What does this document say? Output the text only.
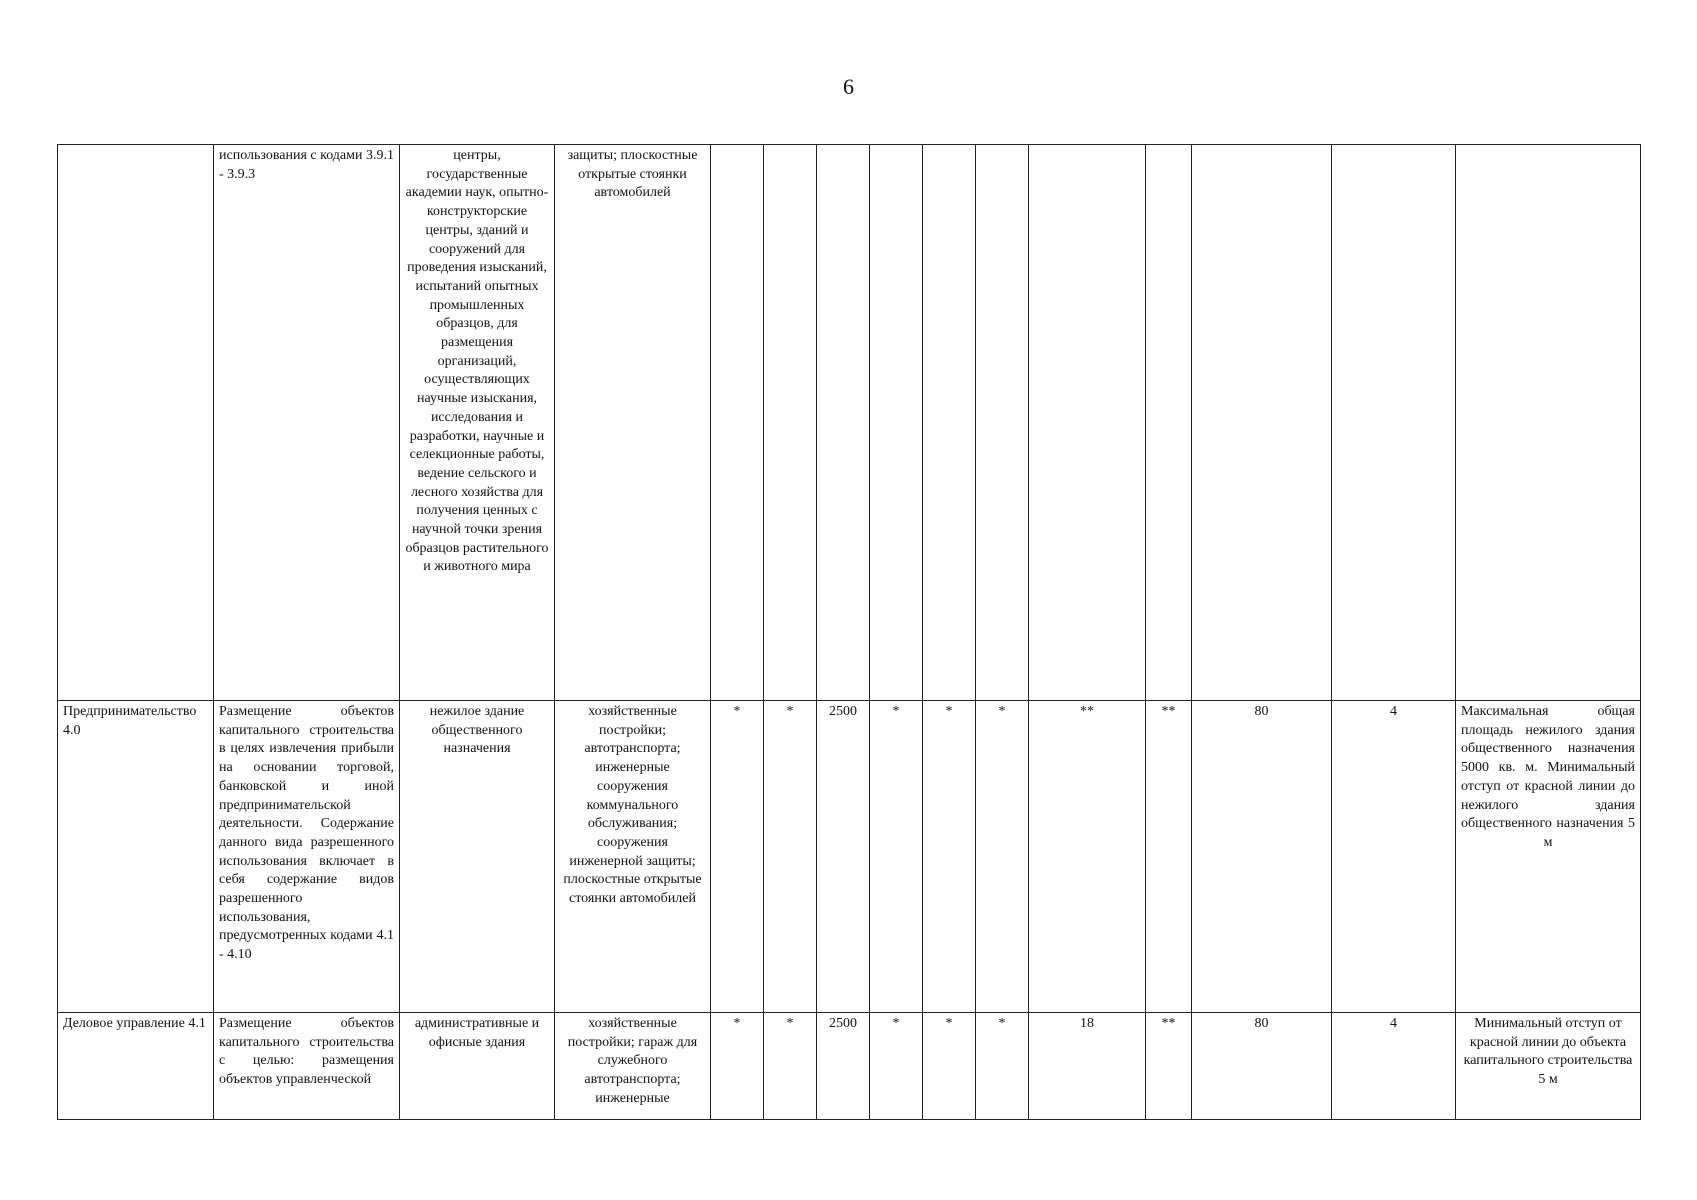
6
	использования с кодами 3.9.1 - 3.9.3	центры, государственные академии наук, опытно-конструкторские центры, зданий и сооружений для проведения изысканий, испытаний опытных промышленных образцов, для размещения организаций, осуществляющих научные изыскания, исследования и разработки, научные и селекционные работы, ведение сельского и лесного хозяйства для получения ценных с научной точки зрения образцов растительного и животного мира	защиты; плоскостные открытые стоянки автомобилей											
Предпринимательство 4.0	Размещение объектов капитального строительства в целях извлечения прибыли на основании торговой, банковской и иной предпринимательской деятельности. Содержание данного вида разрешенного использования включает в себя содержание видов разрешенного использования, предусмотренных кодами 4.1 - 4.10	нежилое здание общественного назначения	хозяйственные постройки; автотранспорта; инженерные сооружения коммунального обслуживания; сооружения инженерной защиты; плоскостные открытые стоянки автомобилей	*	*	2500	*	*	*	**	**	80	4	Максимальная общая площадь нежилого здания общественного назначения 5000 кв. м. Минимальный отступ от красной линии до нежилого здания общественного назначения 5 м
Деловое управление 4.1	Размещение объектов капитального строительства с целью: размещения объектов управленческой	административные и офисные здания	хозяйственные постройки; гараж для служебного автотранспорта; инженерные	*	*	2500	*	*	*	18	**	80	4	Минимальный отступ от красной линии до объекта капитального строительства 5 м
